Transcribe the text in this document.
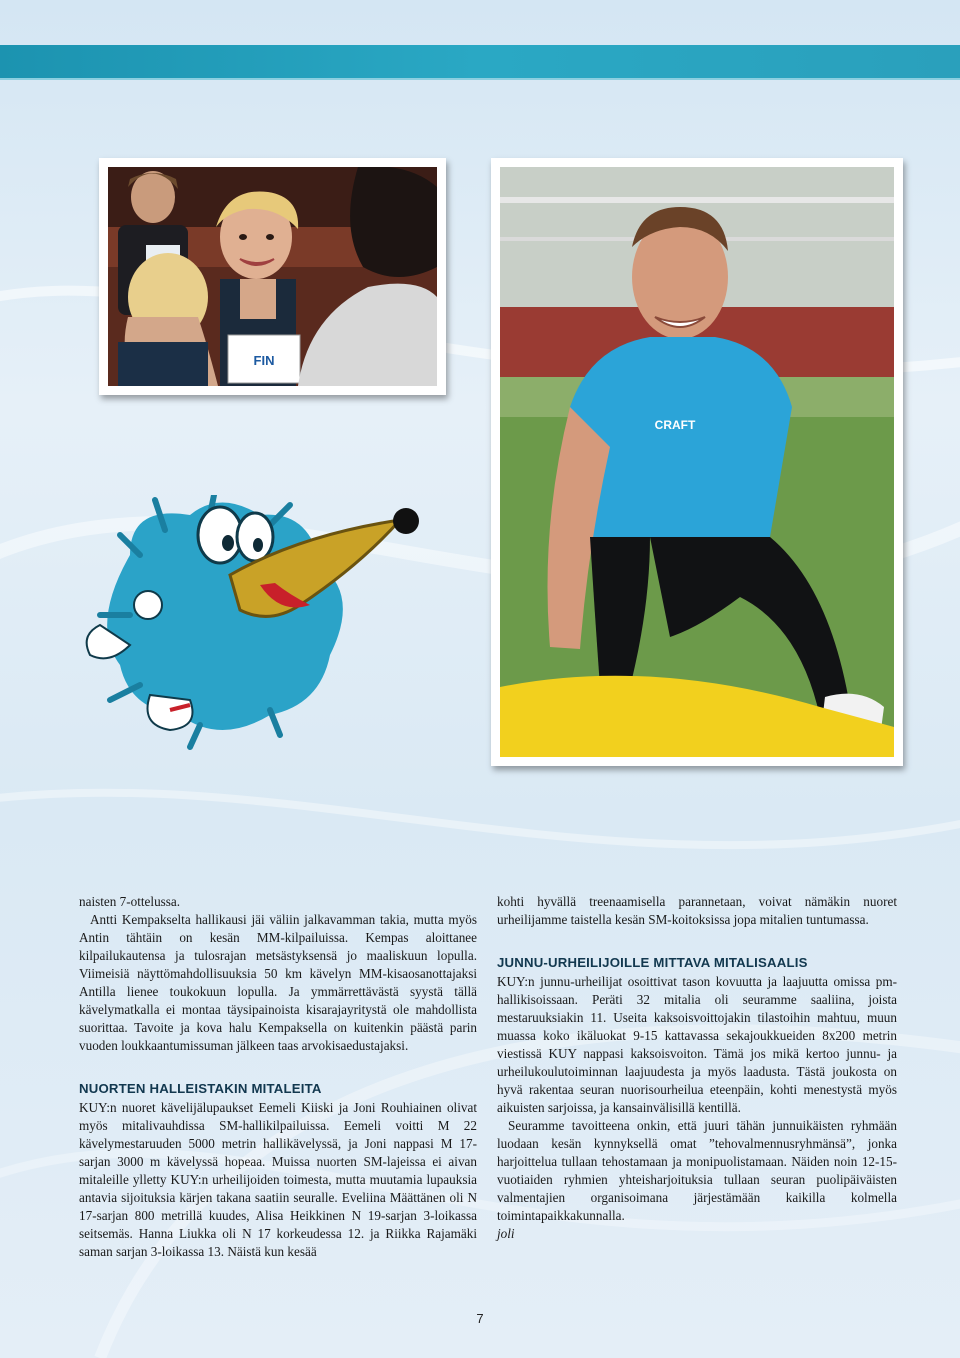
FIN
CRAFT

naisten 7-ottelussa.

Antti Kempakselta hallikausi jäi väliin jalkavamman takia, mutta myös Antin tähtäin on kesän MM-kilpailuissa. Kempas aloittanee kilpailukautensa ja tulosrajan metsästyksensä jo maaliskuun lopulla. Viimeisiä näyttömahdollisuuksia 50 km kävelyn MM-kisaosanottajaksi Antilla lienee toukokuun lopulla. Ja ymmärrettävästä syystä tällä kävelymatkalla ei montaa täysipainoista kisarajayritystä ole mahdollista suorittaa. Tavoite ja kova halu Kempaksella on kuitenkin päästä parin vuoden loukkaantumissuman jälkeen taas arvokisaedustajaksi.

NUORTEN HALLEISTAKIN MITALEITA

KUY:n nuoret kävelijälupaukset Eemeli Kiiski ja Joni Rouhiainen olivat myös mitalivauhdissa SM-hallikilpailuissa. Eemeli voitti M 22 kävelymestaruuden 5000 metrin hallikävelyssä, ja Joni nappasi M 17-sarjan 3000 m kävelyssä hopeaa. Muissa nuorten SM-lajeissa ei aivan mitaleille ylletty KUY:n urheilijoiden toimesta, mutta muutamia lupauksia antavia sijoituksia kärjen takana saatiin seuralle. Eveliina Määttänen oli N 17-sarjan 800 metrillä kuudes, Alisa Heikkinen N 19-sarjan 3-loikassa seitsemäs. Hanna Liukka oli N 17 korkeudessa 12. ja Riikka Rajamäki saman sarjan 3-loikassa 13. Näistä kun kesää

kohti hyvällä treenaamisella parannetaan, voivat nämäkin nuoret urheilijamme taistella kesän SM-koitoksissa jopa mitalien tuntumassa.

JUNNU-URHEILIJOILLE MITTAVA MITALISAALIS

KUY:n junnu-urheilijat osoittivat tason kovuutta ja laajuutta omissa pm-hallikisoissaan. Peräti 32 mitalia oli seuramme saaliina, joista mestaruuksiakin 11. Useita kaksoisvoittojakin tilastoihin mahtuu, muun muassa koko ikäluokat 9-15 kattavassa sekajoukkueiden 8x200 metrin viestissä KUY nappasi kaksoisvoiton. Tämä jos mikä kertoo junnu- ja urheilukoulutoiminnan laajuudesta ja myös laadusta. Tästä joukosta on hyvä rakentaa seuran nuorisourheilua eteenpäin, kohti menestystä myös aikuisten sarjoissa, ja kansainvälisillä kentillä.

Seuramme tavoitteena onkin, että juuri tähän junnuikäisten ryhmään luodaan kesän kynnyksellä omat ”tehovalmennusryhmänsä”, jonka harjoittelua tullaan tehostamaan ja monipuolistamaan. Näiden noin 12-15-vuotiaiden ryhmien yhteisharjoituksia tullaan seuran puolipäiväisten valmentajien organisoimana järjestämään kaikilla kolmella toimintapaikkakunnalla.

joli

7
